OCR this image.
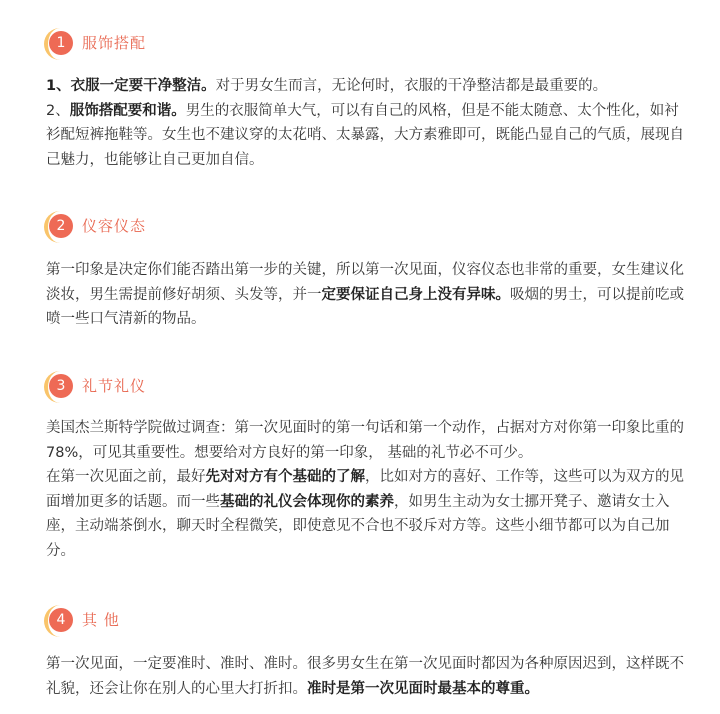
1	服饰搭配

1、衣服一定要干净整洁。对于男女生而言，无论何时，衣服的干净整洁都是最重要的。

2、服饰搭配要和谐。男生的衣服简单大气，可以有自己的风格，但是不能太随意、太个性化，如衬衫配短裤拖鞋等。女生也不建议穿的太花哨、太暴露，大方素雅即可，既能凸显自己的气质，展现自己魅力，也能够让自己更加自信。

2	仪容仪态

第一印象是决定你们能否踏出第一步的关键，所以第一次见面，仪容仪态也非常的重要，女生建议化淡妆，男生需提前修好胡须、头发等，并一定要保证自己身上没有异味。吸烟的男士，可以提前吃或喷一些口气清新的物品。

3	礼节礼仪

美国杰兰斯特学院做过调查：第一次见面时的第一句话和第一个动作，占据对方对你第一印象比重的78%，可见其重要性。想要给对方良好的第一印象， 基础的礼节必不可少。

在第一次见面之前，最好先对对方有个基础的了解，比如对方的喜好、工作等，这些可以为双方的见面增加更多的话题。而一些基础的礼仪会体现你的素养，如男生主动为女士挪开凳子、邀请女士入座，主动端茶倒水，聊天时全程微笑，即使意见不合也不驳斥对方等。这些小细节都可以为自己加分。

4	其 他

第一次见面，一定要准时、准时、准时。很多男女生在第一次见面时都因为各种原因迟到，这样既不礼貌，还会让你在别人的心里大打折扣。准时是第一次见面时最基本的尊重。
